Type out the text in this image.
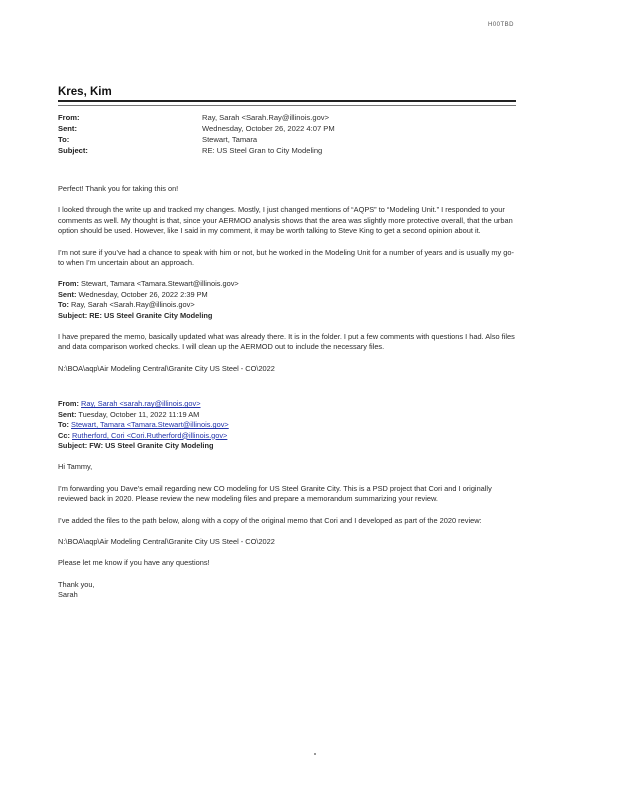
H00TBD
Kres, Kim
From:	Ray, Sarah <Sarah.Ray@illinois.gov>
Sent:	Wednesday, October 26, 2022 4:07 PM
To:	Stewart, Tamara
Subject:	RE: US Steel Gran to City Modeling

Perfect! Thank you for taking this on!

I looked through the write up and tracked my changes. Mostly, I just changed mentions of “AQPS” to “Modeling Unit.” I responded to your comments as well. My thought is that, since your AERMOD analysis shows that the area was slightly more protective overall, that the urban option should be used. However, like I said in my comment, it may be worth talking to Steve King to get a second opinion about it.

I’m not sure if you’ve had a chance to speak with him or not, but he worked in the Modeling Unit for a number of years and is usually my go-to when I’m uncertain about an approach.

From: Stewart, Tamara <Tamara.Stewart@illinois.gov>

Sent: Wednesday, October 26, 2022 2:39 PM

To: Ray, Sarah <Sarah.Ray@illinois.gov>

Subject: RE: US Steel Granite City Modeling

I have prepared the memo, basically updated what was already there. It is in the folder. I put a few comments with questions I had. Also files and data comparison worked checks. I will clean up the AERMOD out to include the necessary files.

N:\BOA\aqp\Air Modeling Central\Granite City US Steel - CO\2022

From: Ray, Sarah <sarah.ray@illinois.gov>

Sent: Tuesday, October 11, 2022 11:19 AM

To: Stewart, Tamara <Tamara.Stewart@illinois.gov>

Cc: Rutherford, Cori <Cori.Rutherford@illinois.gov>

Subject: FW: US Steel Granite City Modeling

Hi Tammy,

I’m forwarding you Dave’s email regarding new CO modeling for US Steel Granite City. This is a PSD project that Cori and I originally reviewed back in 2020. Please review the new modeling files and prepare a memorandum summarizing your review.

I’ve added the files to the path below, along with a copy of the original memo that Cori and I developed as part of the 2020 review:

N:\BOA\aqp\Air Modeling Central\Granite City US Steel - CO\2022

Please let me know if you have any questions!

Thank you,

Sarah
